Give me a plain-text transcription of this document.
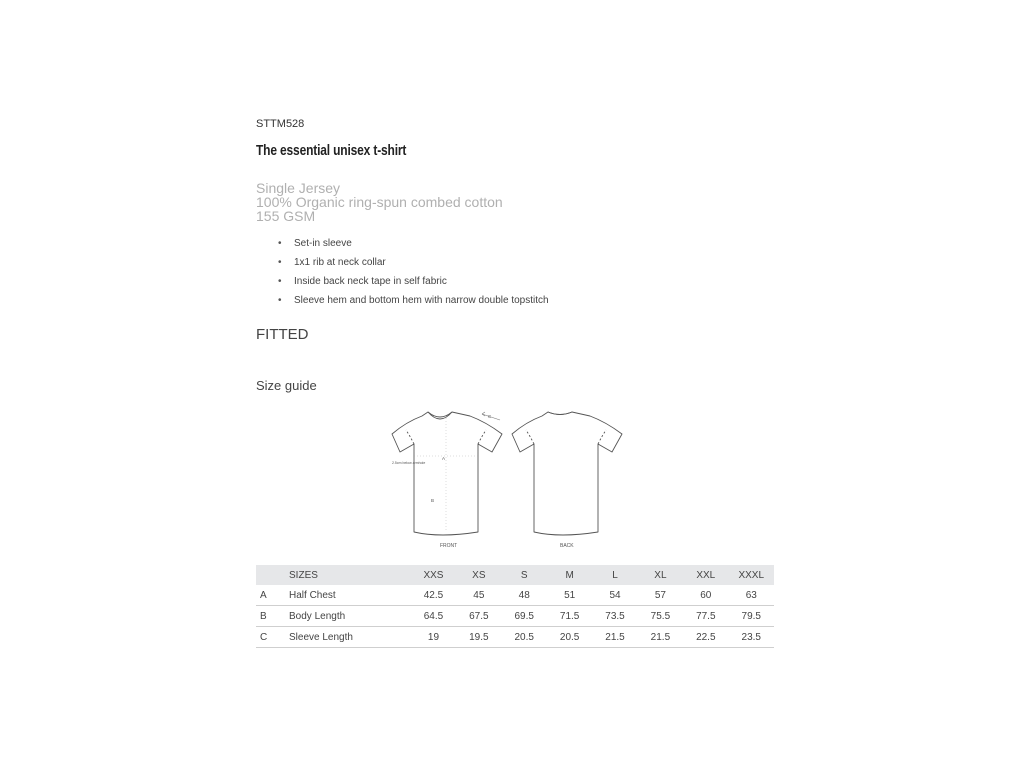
STTM528
The essential unisex t-shirt
Single Jersey
100% Organic ring-spun combed cotton
155 GSM
• Set-in sleeve
• 1x1 rib at neck collar
• Inside back neck tape in self fabric
• Sleeve hem and bottom hem with narrow double topstitch
FITTED
Size guide
A
B
C
2.5cm below armhole
FRONT	BACK
	SIZES	XXS	XS	S	M	L	XL	XXL	XXXL
A	Half Chest	42.5	45	48	51	54	57	60	63
B	Body Length	64.5	67.5	69.5	71.5	73.5	75.5	77.5	79.5
C	Sleeve Length	19	19.5	20.5	20.5	21.5	21.5	22.5	23.5
